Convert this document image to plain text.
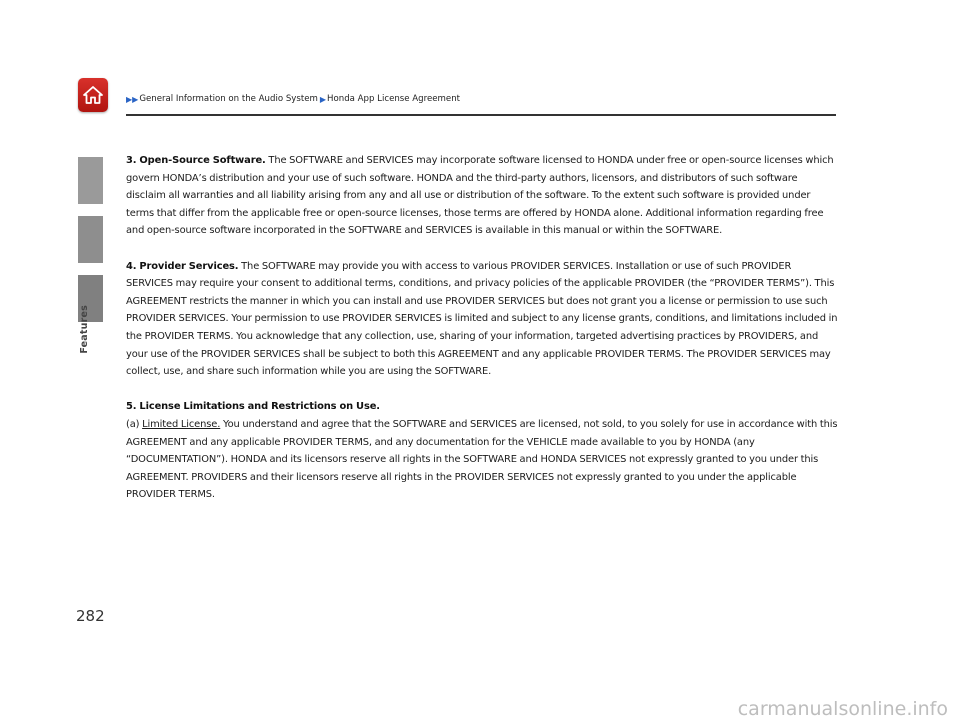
▶▶ General Information on the Audio System ▶ Honda App License Agreement
Features

3. Open-Source Software. The SOFTWARE and SERVICES may incorporate software licensed to HONDA under free or open-source licenses which govern HONDA’s distribution and your use of such software. HONDA and the third-party authors, licensors, and distributors of such software disclaim all warranties and all liability arising from any and all use or distribution of the software. To the extent such software is provided under terms that differ from the applicable free or open-source licenses, those terms are offered by HONDA alone. Additional information regarding free and open-source software incorporated in the SOFTWARE and SERVICES is available in this manual or within the SOFTWARE.

4. Provider Services. The SOFTWARE may provide you with access to various PROVIDER SERVICES. Installation or use of such PROVIDER SERVICES may require your consent to additional terms, conditions, and privacy policies of the applicable PROVIDER (the “PROVIDER TERMS”). This AGREEMENT restricts the manner in which you can install and use PROVIDER SERVICES but does not grant you a license or permission to use such PROVIDER SERVICES. Your permission to use PROVIDER SERVICES is limited and subject to any license grants, conditions, and limitations included in the PROVIDER TERMS. You acknowledge that any collection, use, sharing of your information, targeted advertising practices by PROVIDERS, and your use of the PROVIDER SERVICES shall be subject to both this AGREEMENT and any applicable PROVIDER TERMS. The PROVIDER SERVICES may collect, use, and share such information while you are using the SOFTWARE.

5. License Limitations and Restrictions on Use.
(a) Limited License. You understand and agree that the SOFTWARE and SERVICES are licensed, not sold, to you solely for use in accordance with this AGREEMENT and any applicable PROVIDER TERMS, and any documentation for the VEHICLE made available to you by HONDA (any “DOCUMENTATION”). HONDA and its licensors reserve all rights in the SOFTWARE and HONDA SERVICES not expressly granted to you under this AGREEMENT. PROVIDERS and their licensors reserve all rights in the PROVIDER SERVICES not expressly granted to you under the applicable PROVIDER TERMS.

282
carmanualsonline.info
